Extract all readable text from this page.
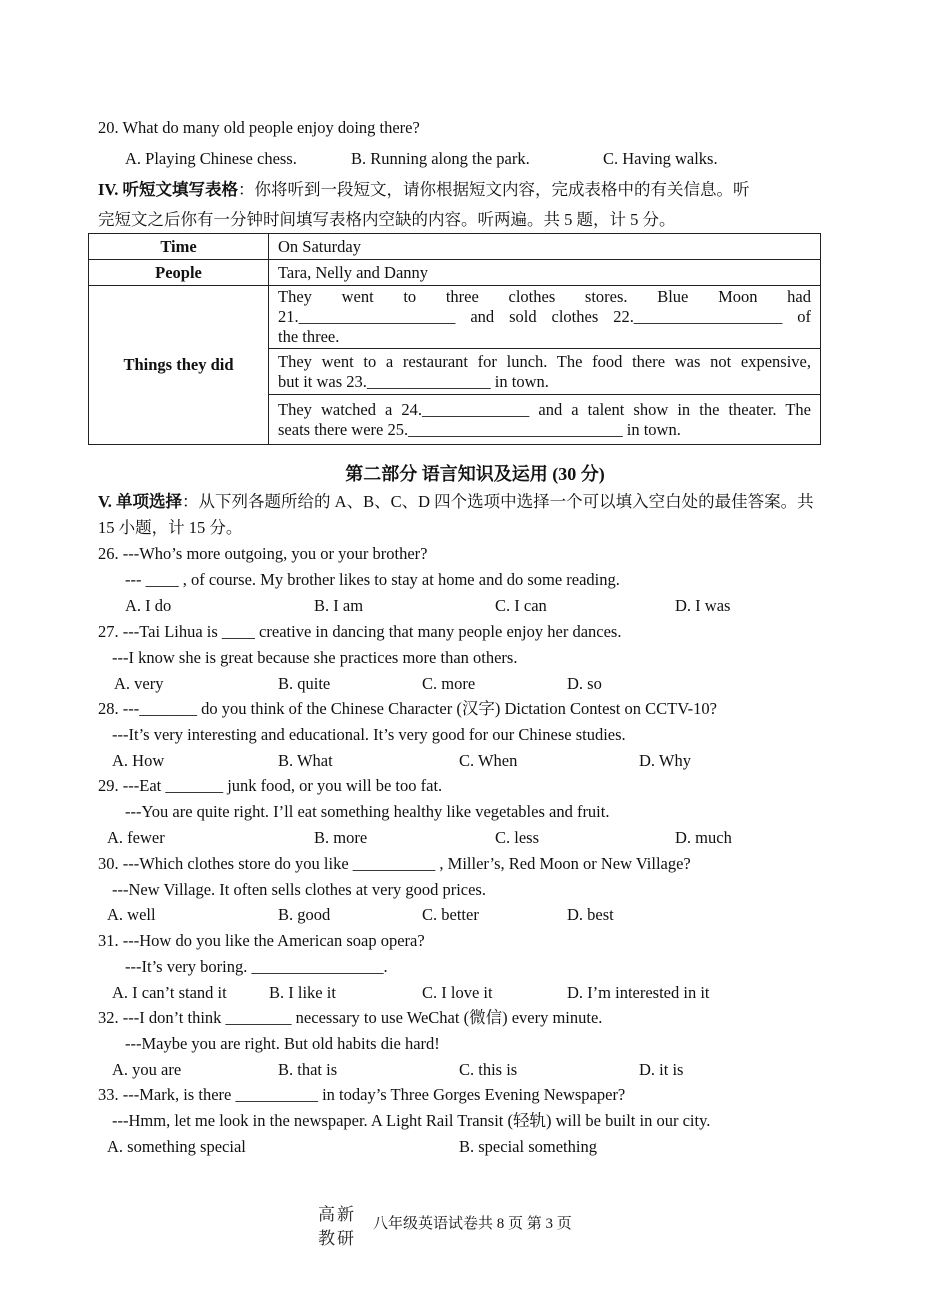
20. What do many old people enjoy doing there?
A. Playing Chinese chess.	B. Running along the park.	C. Having walks.
IV. 听短文填写表格：你将听到一段短文，请你根据短文内容，完成表格中的有关信息。听
完短文之后你有一分钟时间填写表格内空缺的内容。听两遍。共 5 题，计 5 分。
Time	On Saturday
People	Tara, Nelly and Danny
Things they did	They went to three clothes stores. Blue Moon had
21.___________________ and sold clothes 22.__________________ of
the three.

	They went to a restaurant for lunch. The food there was not expensive,
but it was 23._______________ in town.

	They watched a 24._____________ and a talent show in the theater. The
seats there were 25.__________________________ in town.
第二部分 语言知识及运用 (30 分)
V. 单项选择：从下列各题所给的 A、B、C、D 四个选项中选择一个可以填入空白处的最佳答案。共
15 小题，计 15 分。
26. ---Who’s more outgoing, you or your brother?
--- ____ , of course. My brother likes to stay at home and do some reading.
A. I do	B. I am	C. I can	D. I was
27. ---Tai Lihua is ____ creative in dancing that many people enjoy her dances.
---I know she is great because she practices more than others.
A. very	B. quite	C. more	D. so
28. ---_______ do you think of the Chinese Character (汉字) Dictation Contest on CCTV-10?
---It’s very interesting and educational. It’s very good for our Chinese studies.
A. How	B. What	C. When	D. Why
29. ---Eat _______ junk food, or you will be too fat.
---You are quite right. I’ll eat something healthy like vegetables and fruit.
A. fewer	B. more	C. less	D. much
30. ---Which clothes store do you like __________ , Miller’s, Red Moon or New Village?
---New Village. It often sells clothes at very good prices.
A. well	B. good	C. better	D. best
31. ---How do you like the American soap opera?
---It’s very boring. ________________.
A. I can’t stand it	B. I like it	C. I love it	D. I’m interested in it
32. ---I don’t think ________ necessary to use WeChat (微信) every minute.
---Maybe you are right. But old habits die hard!
A. you are	B. that is	C. this is	D. it is
33. ---Mark, is there __________ in today’s Three Gorges Evening Newspaper?
---Hmm, let me look in the newspaper. A Light Rail Transit (轻轨) will be built in our city.
A. something special	B. special something
高新
教研
八年级英语试卷共 8 页 第 3 页
